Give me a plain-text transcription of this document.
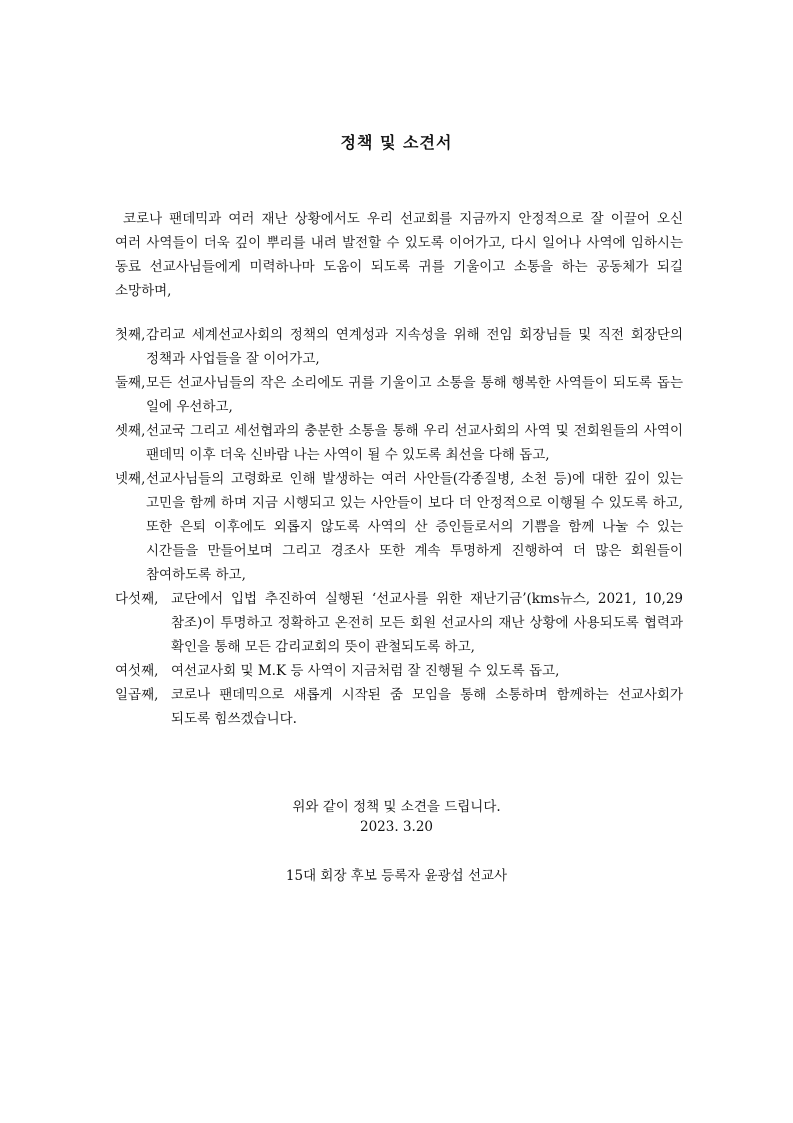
정책 및 소견서
코로나 팬데믹과 여러 재난 상황에서도 우리 선교회를 지금까지 안정적으로 잘 이끌어 오신 여러 사역들이 더욱 깊이 뿌리를 내려 발전할 수 있도록 이어가고, 다시 일어나 사역에 임하시는 동료 선교사님들에게 미력하나마 도움이 되도록 귀를 기울이고 소통을 하는 공동체가 되길 소망하며,
첫째, 감리교 세계선교사회의 정책의 연계성과 지속성을 위해 전임 회장님들 및 직전 회장단의 정책과 사업들을 잘 이어가고,
둘째, 모든 선교사님들의 작은 소리에도 귀를 기울이고 소통을 통해 행복한 사역들이 되도록 돕는 일에 우선하고,
셋째, 선교국 그리고 세선협과의 충분한 소통을 통해 우리 선교사회의 사역 및 전회원들의 사역이 팬데믹 이후 더욱 신바람 나는 사역이 될 수 있도록 최선을 다해 돕고,
넷째, 선교사님들의 고령화로 인해 발생하는 여러 사안들(각종질병, 소천 등)에 대한 깊이 있는 고민을 함께 하며 지금 시행되고 있는 사안들이 보다 더 안정적으로 이행될 수 있도록 하고, 또한 은퇴 이후에도 외롭지 않도록 사역의 산 증인들로서의 기쁨을 함께 나눌 수 있는 시간들을 만들어보며 그리고 경조사 또한 계속 투명하게 진행하여 더 많은 회원들이 참여하도록 하고,
다섯째, 교단에서 입법 추진하여 실행된 ‘선교사를 위한 재난기금’(kms뉴스, 2021, 10,29 참조)이 투명하고 정확하고 온전히 모든 회원 선교사의 재난 상황에 사용되도록 협력과 확인을 통해 모든 감리교회의 뜻이 관철되도록 하고,
여섯째, 여선교사회 및 M.K 등 사역이 지금처럼 잘 진행될 수 있도록 돕고,
일곱째, 코로나 팬데믹으로 새롭게 시작된 줌 모임을 통해 소통하며 함께하는 선교사회가 되도록 힘쓰겠습니다.
위와 같이 정책 및 소견을 드립니다.
2023. 3.20
15대 회장 후보 등록자 윤광섭 선교사
